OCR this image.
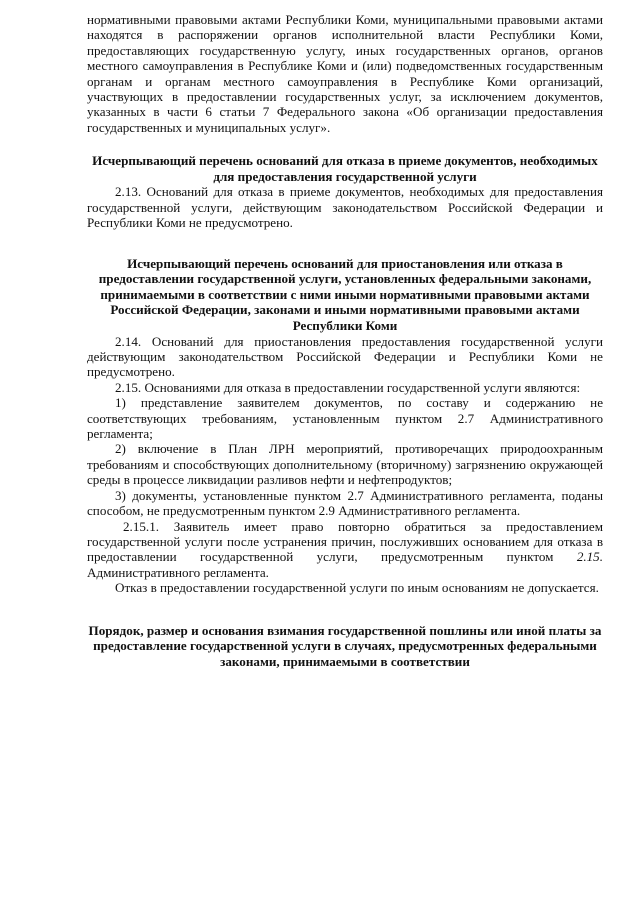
нормативными правовыми актами Республики Коми, муниципальными правовыми актами находятся в распоряжении органов исполнительной власти Республики Коми, предоставляющих государственную услугу, иных государственных органов, органов местного самоуправления в Республике Коми и (или) подведомственных государственным органам и органам местного самоуправления в Республике Коми организаций, участвующих в предоставлении государственных услуг, за исключением документов, указанных в части 6 статьи 7 Федерального закона «Об организации предоставления государственных и муниципальных услуг».

Исчерпывающий перечень оснований для отказа в приеме документов, необходимых для предоставления государственной услуги

2.13. Оснований для отказа в приеме документов, необходимых для предоставления государственной услуги, действующим законодательством Российской Федерации и Республики Коми не предусмотрено.

Исчерпывающий перечень оснований для приостановления или отказа в предоставлении государственной услуги, установленных федеральными законами, принимаемыми в соответствии с ними иными нормативными правовыми актами Российской Федерации, законами и иными нормативными правовыми актами Республики Коми

2.14. Оснований для приостановления предоставления государственной услуги действующим законодательством Российской Федерации и Республики Коми не предусмотрено.

2.15. Основаниями для отказа в предоставлении государственной услуги являются:

1) представление заявителем документов, по составу и содержанию не соответствующих требованиям, установленным пунктом 2.7 Административного регламента;

2) включение в План ЛРН мероприятий, противоречащих природоохранным требованиям и способствующих дополнительному (вторичному) загрязнению окружающей среды в процессе ликвидации разливов нефти и нефтепродуктов;

3) документы, установленные пунктом 2.7 Административного регламента, поданы способом, не предусмотренным пунктом 2.9 Административного регламента.

2.15.1. Заявитель имеет право повторно обратиться за предоставлением государственной услуги после устранения причин, послуживших основанием для отказа в предоставлении государственной услуги, предусмотренным пунктом 2.15. Административного регламента.

Отказ в предоставлении государственной услуги по иным основаниям не допускается.

Порядок, размер и основания взимания государственной пошлины или иной платы за предоставление государственной услуги в случаях, предусмотренных федеральными законами, принимаемыми в соответствии
